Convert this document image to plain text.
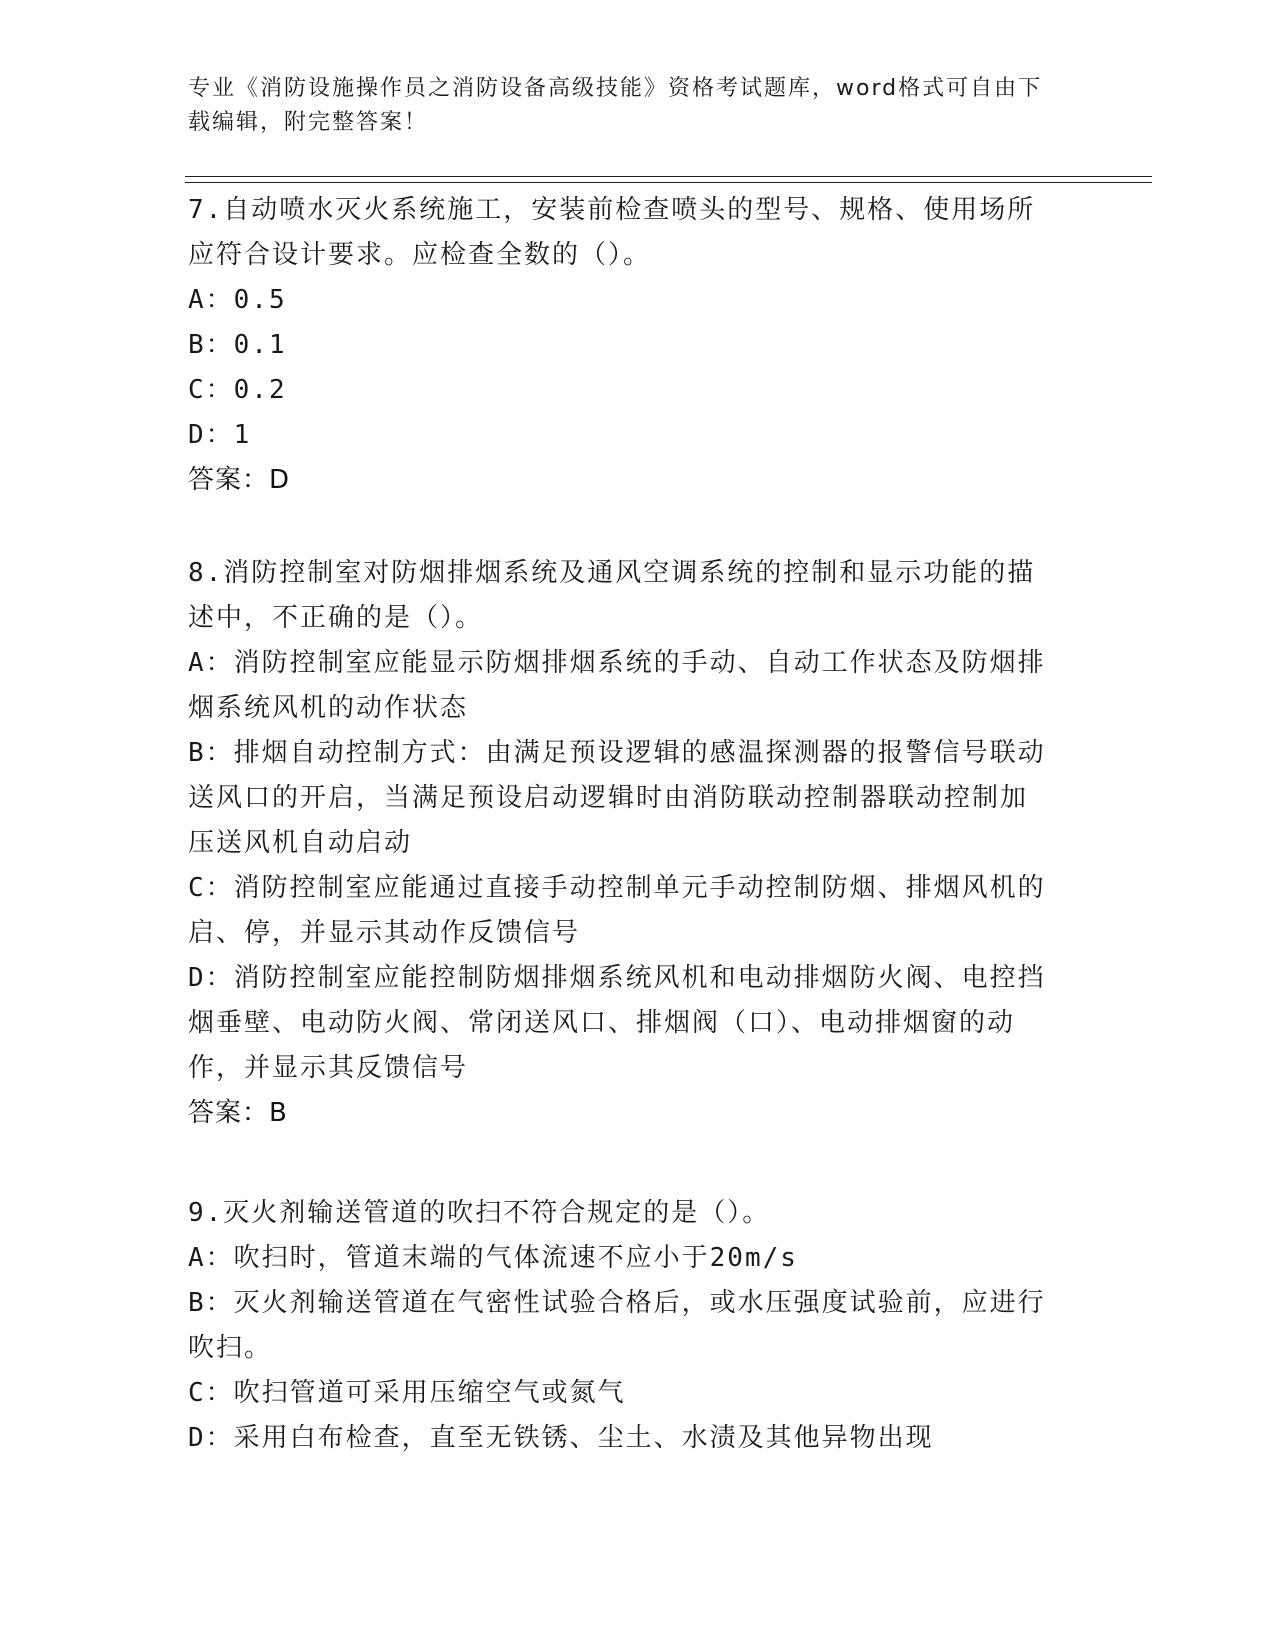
专业《消防设施操作员之消防设备高级技能》资格考试题库，word格式可自由下
载编辑，附完整答案！
7.自动喷水灭火系统施工，安装前检查喷头的型号、规格、使用场所
应符合设计要求。应检查全数的（）。
A：0.5
B：0.1
C：0.2
D：1
答案：D
8.消防控制室对防烟排烟系统及通风空调系统的控制和显示功能的描
述中，不正确的是（）。
A：消防控制室应能显示防烟排烟系统的手动、自动工作状态及防烟排
烟系统风机的动作状态
B：排烟自动控制方式：由满足预设逻辑的感温探测器的报警信号联动
送风口的开启，当满足预设启动逻辑时由消防联动控制器联动控制加
压送风机自动启动
C：消防控制室应能通过直接手动控制单元手动控制防烟、排烟风机的
启、停，并显示其动作反馈信号
D：消防控制室应能控制防烟排烟系统风机和电动排烟防火阀、电控挡
烟垂壁、电动防火阀、常闭送风口、排烟阀（口）、电动排烟窗的动
作，并显示其反馈信号
答案：B
9.灭火剂输送管道的吹扫不符合规定的是（）。
A：吹扫时，管道末端的气体流速不应小于20m/s
B：灭火剂输送管道在气密性试验合格后，或水压强度试验前，应进行
吹扫。
C：吹扫管道可采用压缩空气或氮气
D：采用白布检查，直至无铁锈、尘土、水渍及其他异物出现
